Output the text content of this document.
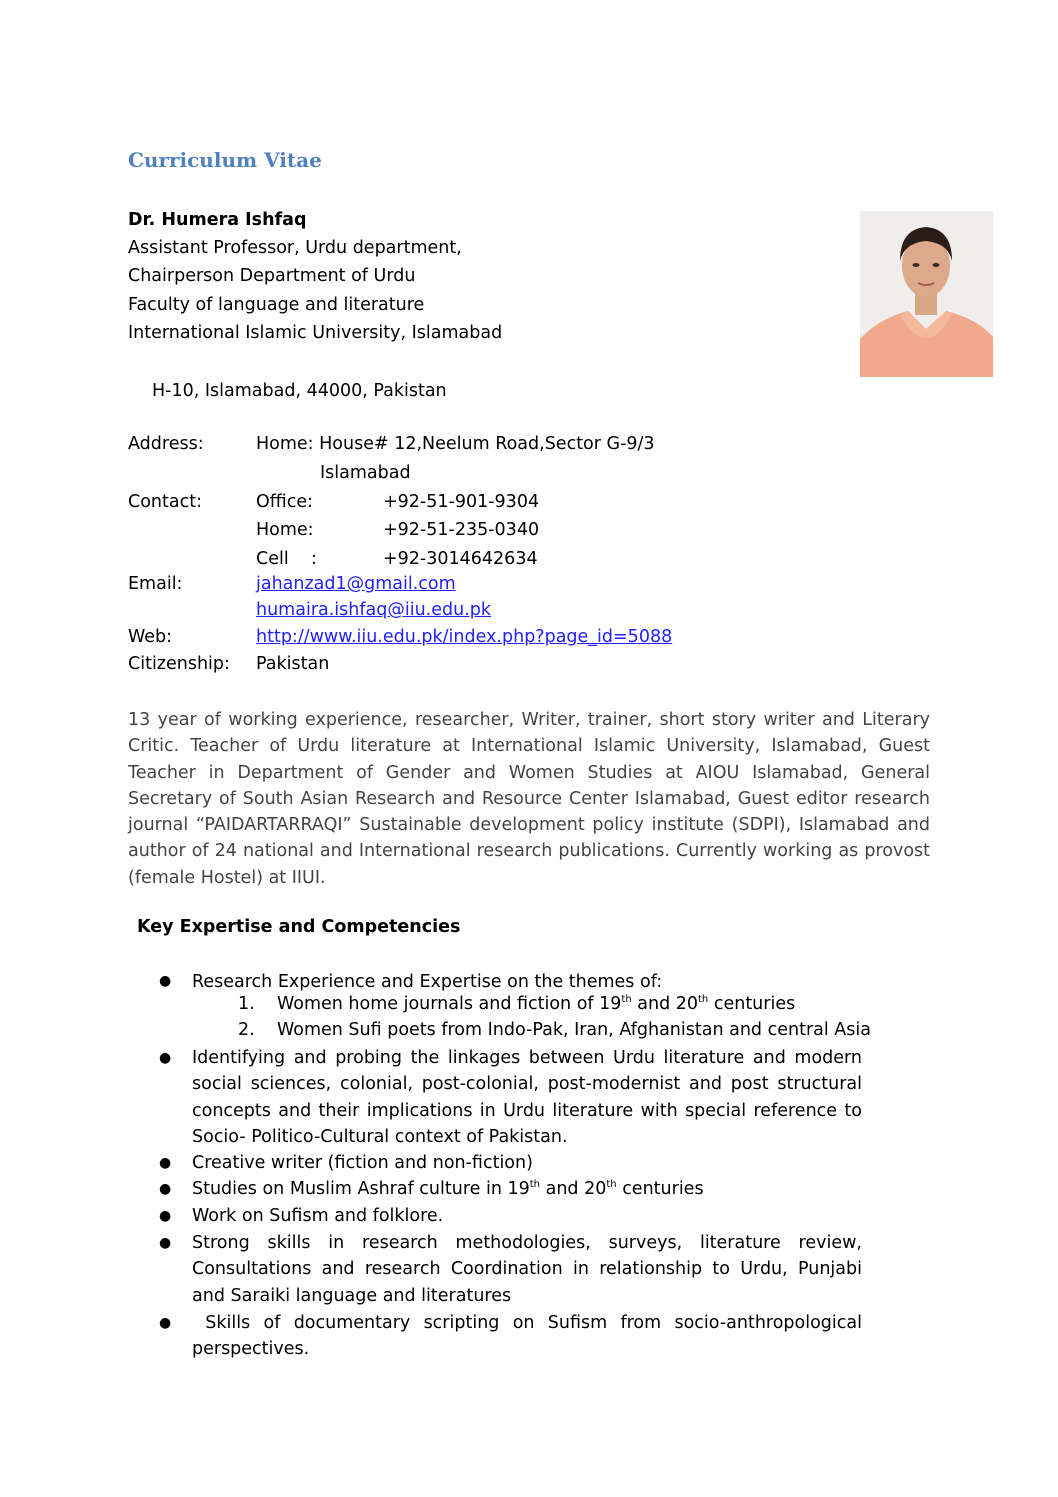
Curriculum Vitae
Dr. Humera Ishfaq
Assistant Professor, Urdu department,
Chairperson Department of Urdu
Faculty of language and literature
International Islamic University, Islamabad
H-10, Islamabad, 44000, Pakistan
Address:	Home: House# 12,Neelum Road,Sector G-9/3
Islamabad
Contact:	Office:	+92-51-901-9304
Home:	+92-51-235-0340
Cell    :	+92-3014642634
Email:	jahanzad1@gmail.com
humaira.ishfaq@iiu.edu.pk
Web:	http://www.iiu.edu.pk/index.php?page_id=5088
Citizenship: Pakistan
13 year of working experience, researcher, Writer, trainer, short story writer and Literary Critic. Teacher of Urdu literature at International Islamic University, Islamabad, Guest Teacher in Department of Gender and Women Studies at AIOU Islamabad, General Secretary of South Asian Research and Resource Center Islamabad, Guest editor research journal “PAIDARTARRAQI” Sustainable development policy institute (SDPI), Islamabad and author of 24 national and International research publications. Currently working as provost (female Hostel) at IIUI.
Key Expertise and Competencies
● Research Experience and Expertise on the themes of:
1. Women home journals and fiction of 19th and 20th centuries
2. Women Sufi poets from Indo-Pak, Iran, Afghanistan and central Asia
● Identifying and probing the linkages between Urdu literature and modern social sciences, colonial, post-colonial, post-modernist and post structural concepts and their implications in Urdu literature with special reference to Socio- Politico-Cultural context of Pakistan.
● Creative writer (fiction and non-fiction)
● Studies on Muslim Ashraf culture in 19th and 20th centuries
● Work on Sufism and folklore.
● Strong skills in research methodologies, surveys, literature review, Consultations and research Coordination in relationship to Urdu, Punjabi and Saraiki language and literatures
● Skills of documentary scripting on Sufism from socio-anthropological perspectives.
